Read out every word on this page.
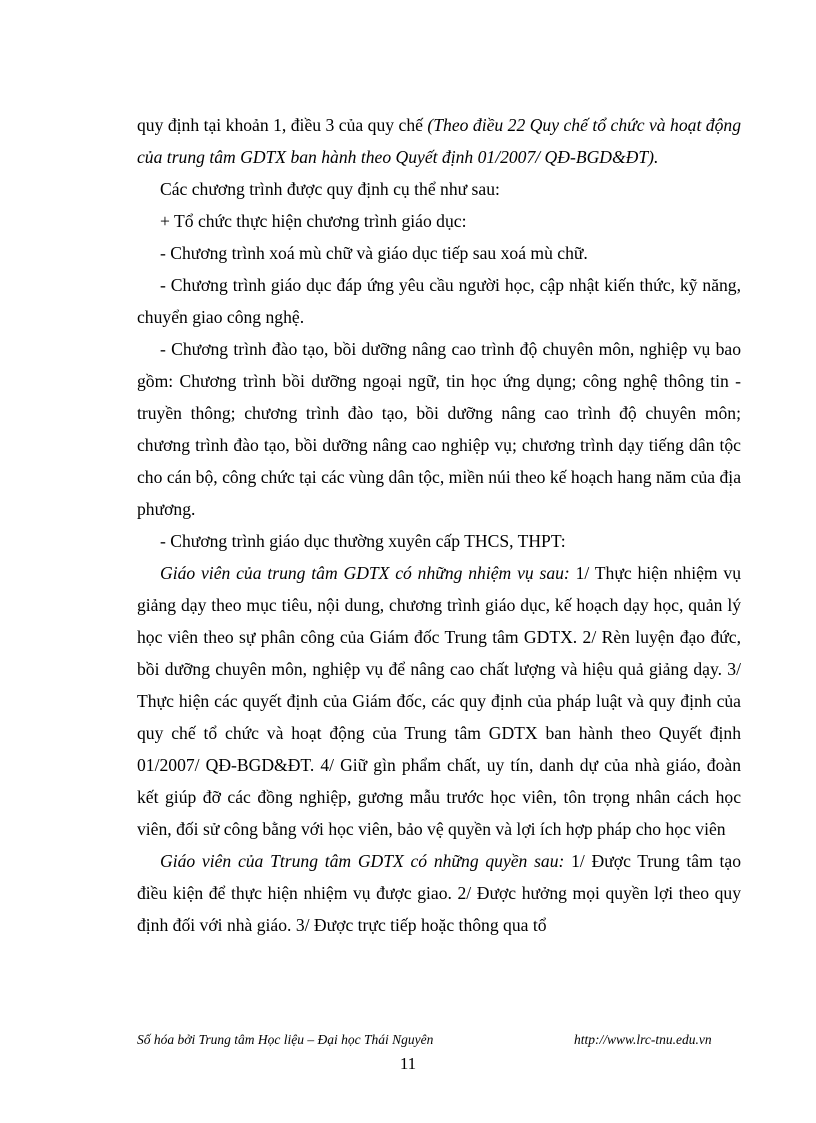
quy định tại khoản 1, điều 3 của quy chế (Theo điều 22 Quy chế tổ chức và hoạt động của trung tâm GDTX ban hành theo Quyết định 01/2007/ QĐ-BGD&ĐT).

Các chương trình được quy định cụ thể như sau:

+ Tổ chức thực hiện chương trình giáo dục:

- Chương trình xoá mù chữ và giáo dục tiếp sau xoá mù chữ.

- Chương trình giáo dục đáp ứng yêu cầu người học, cập nhật kiến thức, kỹ năng, chuyển giao công nghệ.

- Chương trình đào tạo, bồi dưỡng nâng cao trình độ chuyên môn, nghiệp vụ bao gồm: Chương trình bồi dưỡng ngoại ngữ, tin học ứng dụng; công nghệ thông tin - truyền thông; chương trình đào tạo, bồi dưỡng nâng cao trình độ chuyên môn; chương trình đào tạo, bồi dưỡng nâng cao nghiệp vụ; chương trình dạy tiếng dân tộc cho cán bộ, công chức tại các vùng dân tộc, miền núi theo kế hoạch hang năm của địa phương.

- Chương trình giáo dục thường xuyên cấp THCS, THPT:

Giáo viên của trung tâm GDTX có những nhiệm vụ sau: 1/ Thực hiện nhiệm vụ giảng dạy theo mục tiêu, nội dung, chương trình giáo dục, kế hoạch dạy học, quản lý học viên theo sự phân công của Giám đốc Trung tâm GDTX. 2/ Rèn luyện đạo đức, bồi dưỡng chuyên môn, nghiệp vụ để nâng cao chất lượng và hiệu quả giảng dạy. 3/ Thực hiện các quyết định của Giám đốc, các quy định của pháp luật và quy định của quy chế tổ chức và hoạt động của Trung tâm GDTX ban hành theo Quyết định 01/2007/ QĐ-BGD&ĐT. 4/ Giữ gìn phẩm chất, uy tín, danh dự của nhà giáo, đoàn kết giúp đỡ các đồng nghiệp, gương mẫu trước học viên, tôn trọng nhân cách học viên, đối sử công bằng với học viên, bảo vệ quyền và lợi ích hợp pháp cho học viên

Giáo viên của Ttrung tâm GDTX có những quyền sau: 1/ Được Trung tâm tạo điều kiện để thực hiện nhiệm vụ được giao. 2/ Được hưởng mọi quyền lợi theo quy định đối với nhà giáo. 3/ Được trực tiếp hoặc thông qua tổ

Số hóa bởi Trung tâm Học liệu – Đại học Thái Nguyên	http://www.lrc-tnu.edu.vn
11
